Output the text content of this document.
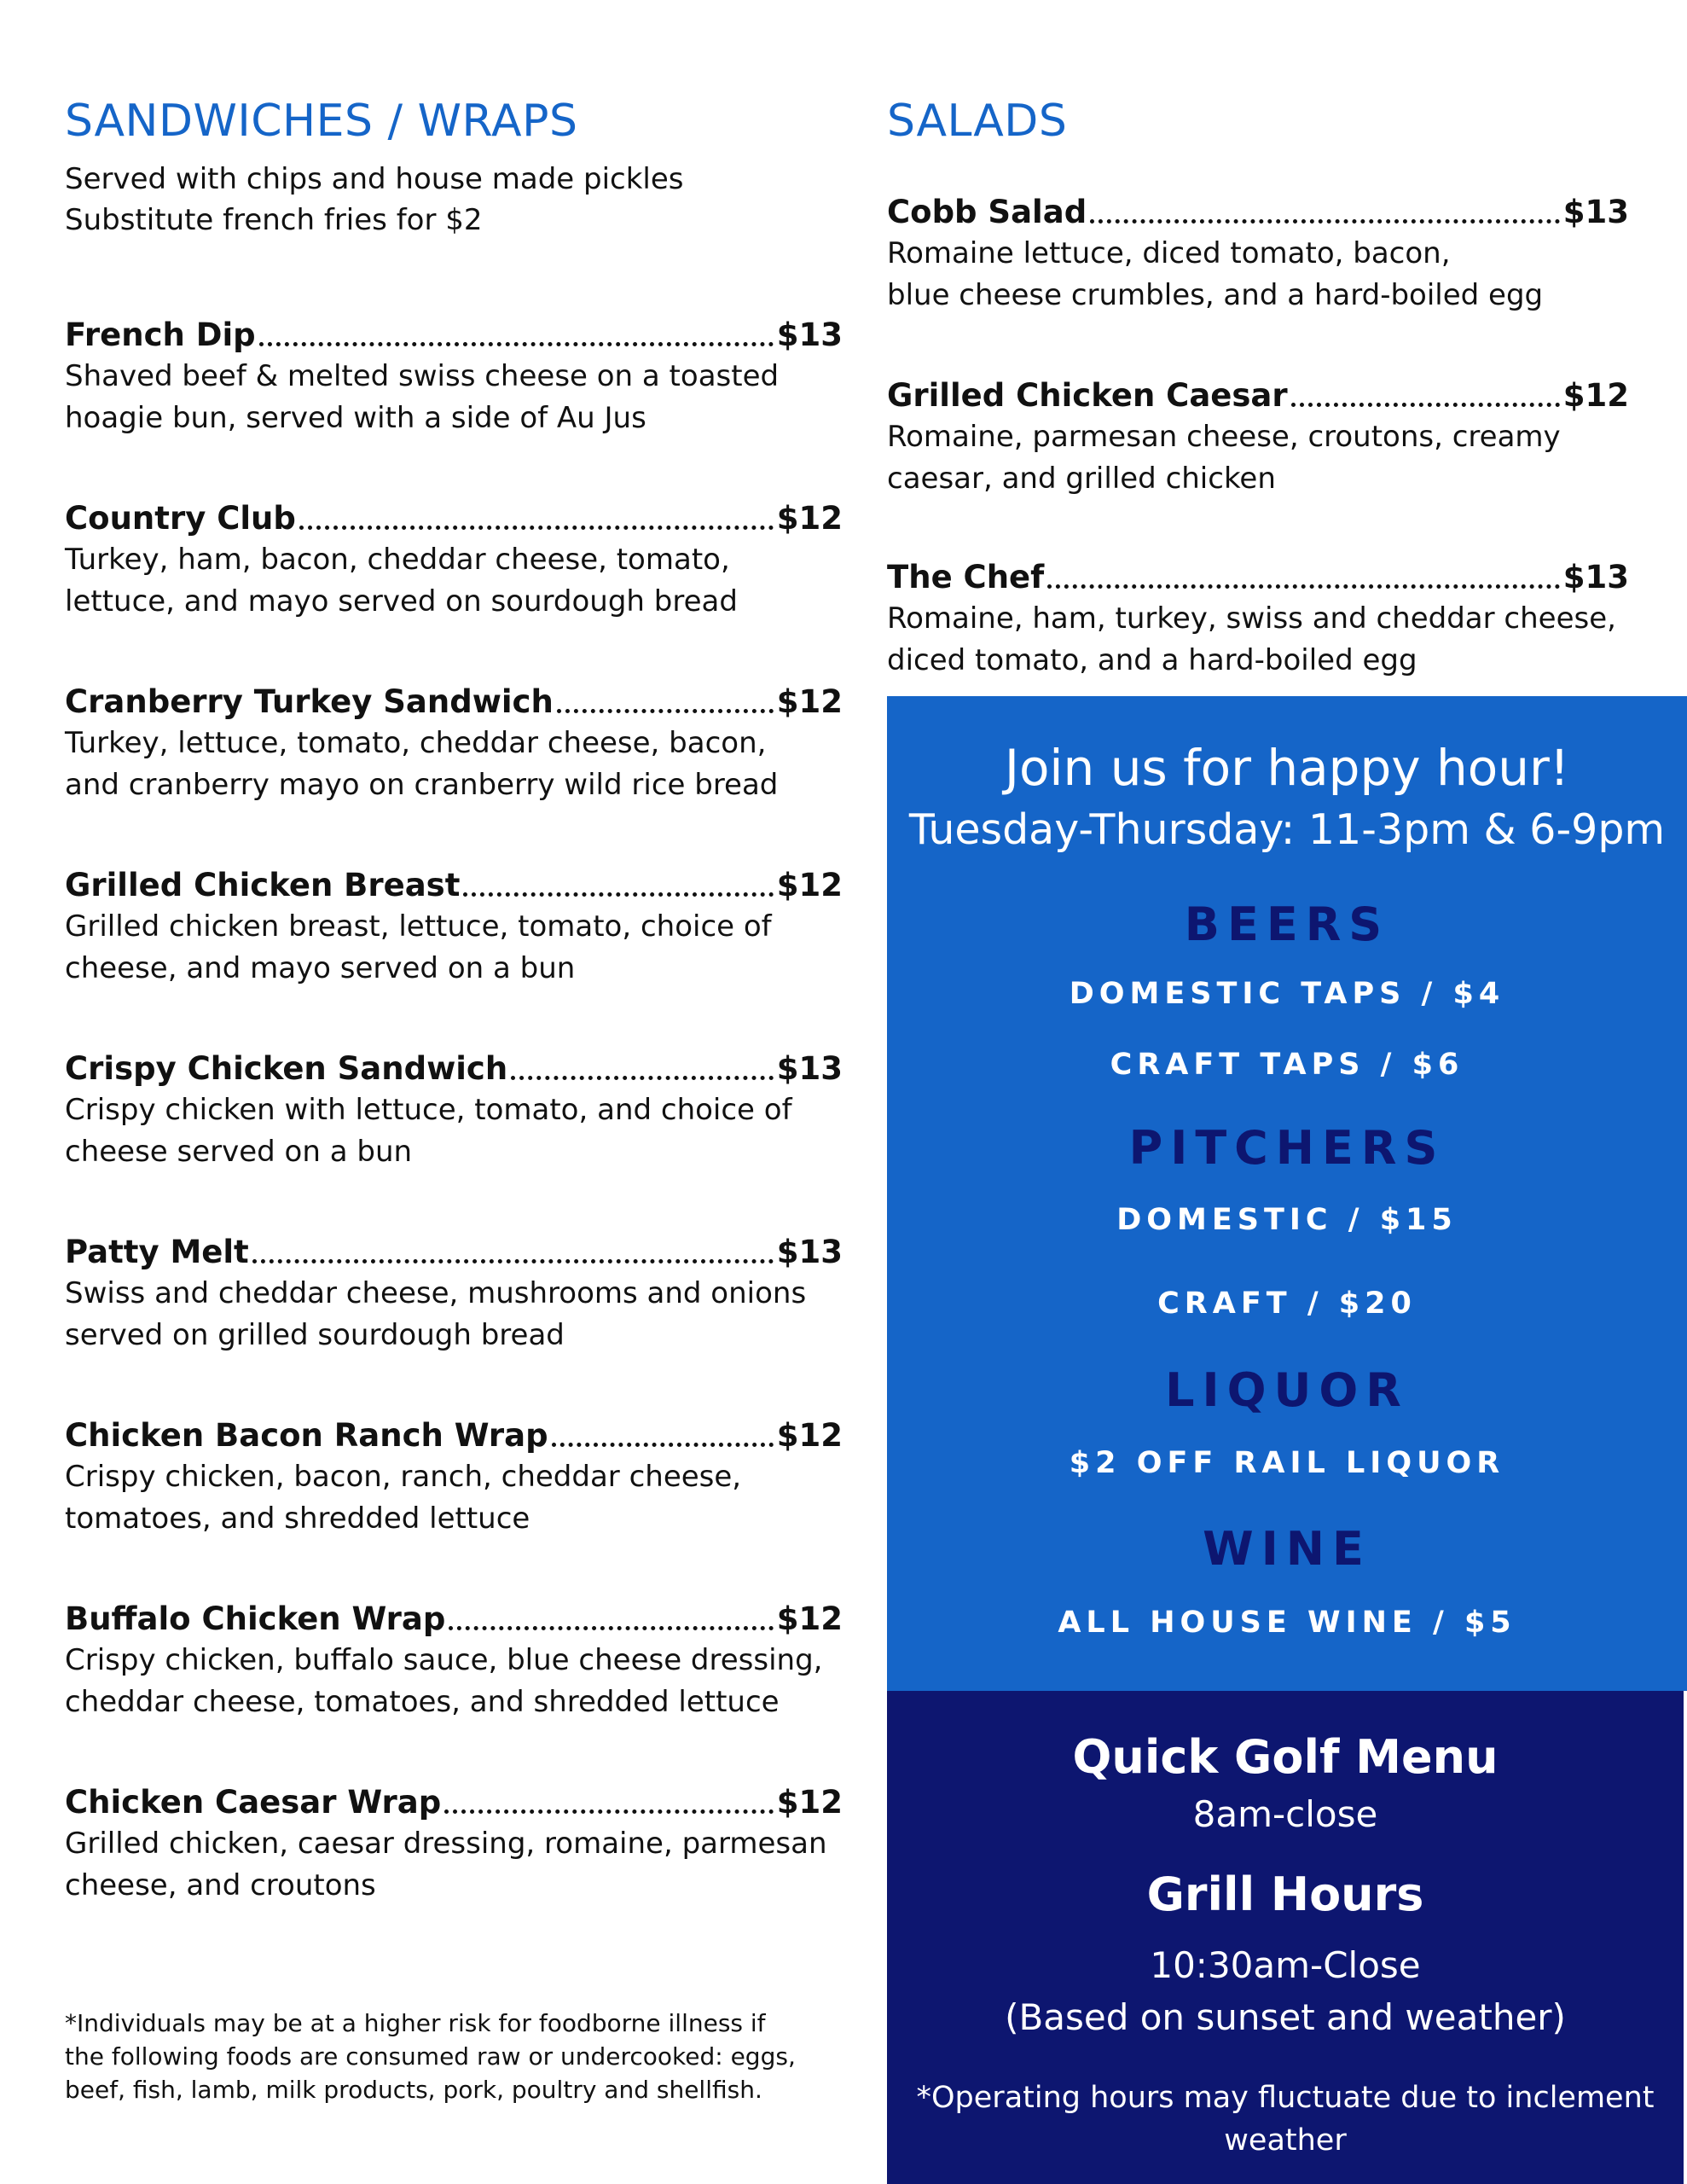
SANDWICHES / WRAPS

Served with chips and house made pickles

Substitute french fries for $2

French Dip	$13

Shaved beef & melted swiss cheese on a toasted
hoagie bun, served with a side of Au Jus

Country Club	$12

Turkey, ham, bacon, cheddar cheese, tomato,
lettuce, and mayo served on sourdough bread

Cranberry Turkey Sandwich	$12

Turkey, lettuce, tomato, cheddar cheese, bacon,
and cranberry mayo on cranberry wild rice bread

Grilled Chicken Breast	$12

Grilled chicken breast, lettuce, tomato, choice of
cheese, and mayo served on a bun

Crispy Chicken Sandwich	$13

Crispy chicken with lettuce, tomato, and choice of
cheese served on a bun

Patty Melt	$13

Swiss and cheddar cheese, mushrooms and onions
served on grilled sourdough bread

Chicken Bacon Ranch Wrap	$12

Crispy chicken, bacon, ranch, cheddar cheese,
tomatoes, and shredded lettuce

Buffalo Chicken Wrap	$12

Crispy chicken, buffalo sauce, blue cheese dressing,
cheddar cheese, tomatoes, and shredded lettuce

Chicken Caesar Wrap	$12

Grilled chicken, caesar dressing, romaine, parmesan
cheese, and croutons

*Individuals may be at a higher risk for foodborne illness if
the following foods are consumed raw or undercooked: eggs,
beef, fish, lamb, milk products, pork, poultry and shellfish.

SALADS
Cobb Salad	$13

Romaine lettuce, diced tomato, bacon,
blue cheese crumbles, and a hard-boiled egg

Grilled Chicken Caesar	$12

Romaine, parmesan cheese, croutons, creamy
caesar, and grilled chicken

The Chef	$13

Romaine, ham, turkey, swiss and cheddar cheese,
diced tomato, and a hard-boiled egg

Join us for happy hour!

Tuesday-Thursday: 11-3pm & 6-9pm

BEERS

DOMESTIC TAPS / $4

CRAFT TAPS / $6

PITCHERS

DOMESTIC / $15

CRAFT / $20

LIQUOR

$2 OFF RAIL LIQUOR

WINE

ALL HOUSE WINE / $5

Quick Golf Menu

8am-close

Grill Hours

10:30am-Close

(Based on sunset and weather)

*Operating hours may fluctuate due to inclement
weather
